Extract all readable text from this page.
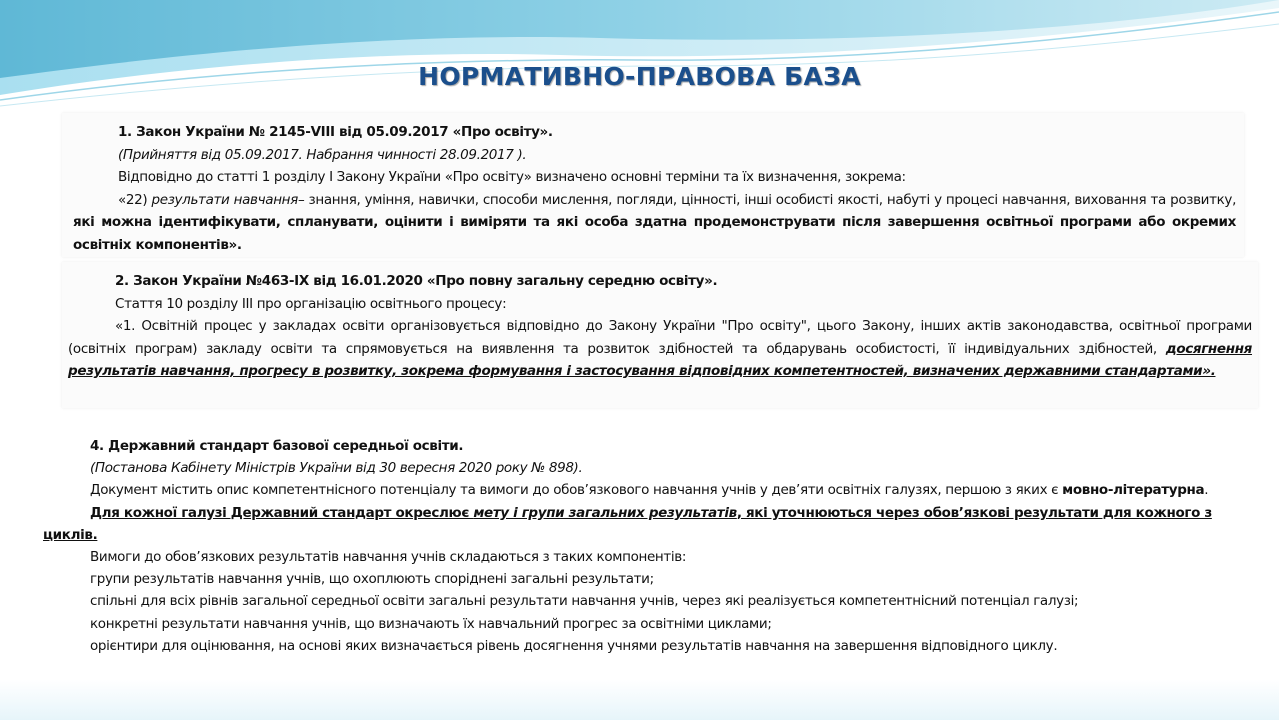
НОРМАТИВНО-ПРАВОВА БАЗА

1. Закон України № 2145-VIII від 05.09.2017 «Про освіту».

(Прийняття від 05.09.2017. Набрання чинності 28.09.2017 ).

Відповідно до статті 1 розділу I Закону України «Про освіту» визначено основні терміни та їх визначення, зокрема:

«22) результати навчання– знання, уміння, навички, способи мислення, погляди, цінності, інші особисті якості, набуті у процесі навчання, виховання та розвитку, які можна ідентифікувати, спланувати, оцінити і виміряти та які особа здатна продемонструвати після завершення освітньої програми або окремих освітніх компонентів».

2. Закон України №463-IX від 16.01.2020 «Про повну загальну середню освіту».

Стаття 10 розділу III про організацію освітнього процесу:

«1. Освітній процес у закладах освіти організовується відповідно до Закону України "Про освіту", цього Закону, інших актів законодавства, освітньої програми (освітніх програм) закладу освіти та спрямовується на виявлення та розвиток здібностей та обдарувань особистості, її індивідуальних здібностей, досягнення результатів навчання, прогресу в розвитку, зокрема формування і застосування відповідних компетентностей, визначених державними стандартами».

4. Державний стандарт базової середньої освіти.

(Постанова Кабінету Міністрів України від 30 вересня 2020 року № 898).

Документ містить опис компетентнісного потенціалу та вимоги до обов’язкового навчання учнів у дев’яти освітніх галузях, першою з яких є мовно-літературна.

Для кожної галузі Державний стандарт окреслює мету і групи загальних результатів, які уточнюються через обов’язкові результати для кожного з циклів.

Вимоги до обов’язкових результатів навчання учнів складаються з таких компонентів:

групи результатів навчання учнів, що охоплюють споріднені загальні результати;

спільні для всіх рівнів загальної середньої освіти загальні результати навчання учнів, через які реалізується компетентнісний потенціал галузі;

конкретні результати навчання учнів, що визначають їх навчальний прогрес за освітніми циклами;

орієнтири для оцінювання, на основі яких визначається рівень досягнення учнями результатів навчання на завершення відповідного циклу.
